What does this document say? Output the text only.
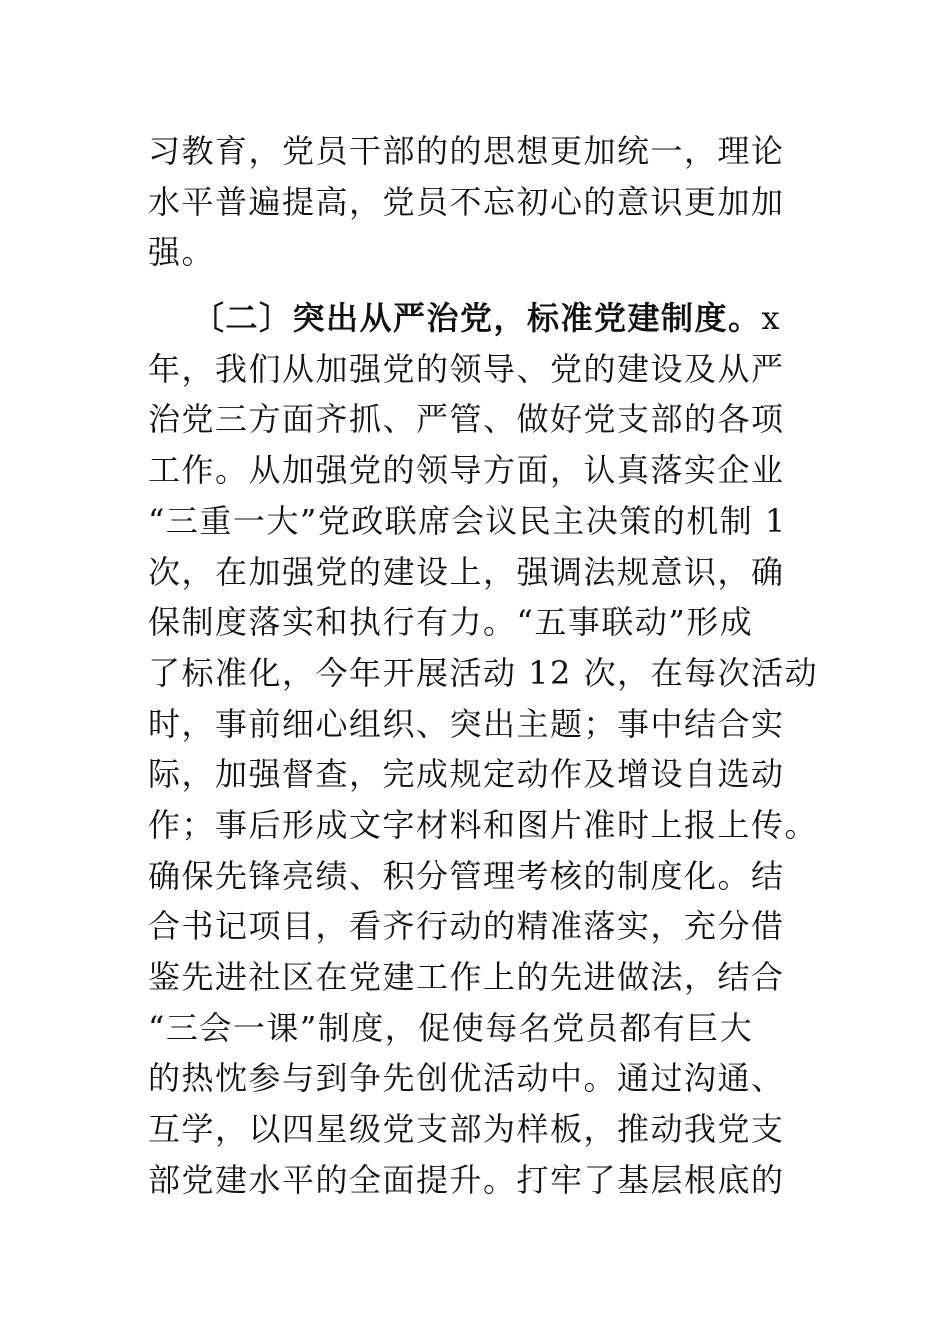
习教育，党员干部的的思想更加统一，理论
水平普遍提高，党员不忘初心的意识更加加
强。
〔二〕突出从严治党，标准党建制度。x
年，我们从加强党的领导、党的建设及从严
治党三方面齐抓、严管、做好党支部的各项
工作。从加强党的领导方面，认真落实企业
“三重一大”党政联席会议民主决策的机制 1
次，在加强党的建设上，强调法规意识，确
保制度落实和执行有力。“五事联动”形成
了标准化，今年开展活动 12 次，在每次活动
时，事前细心组织、突出主题；事中结合实
际，加强督查，完成规定动作及增设自选动
作；事后形成文字材料和图片准时上报上传。
确保先锋亮绩、积分管理考核的制度化。结
合书记项目，看齐行动的精准落实，充分借
鉴先进社区在党建工作上的先进做法，结合
“三会一课”制度，促使每名党员都有巨大
的热忱参与到争先创优活动中。通过沟通、
互学，以四星级党支部为样板，推动我党支
部党建水平的全面提升。打牢了基层根底的
